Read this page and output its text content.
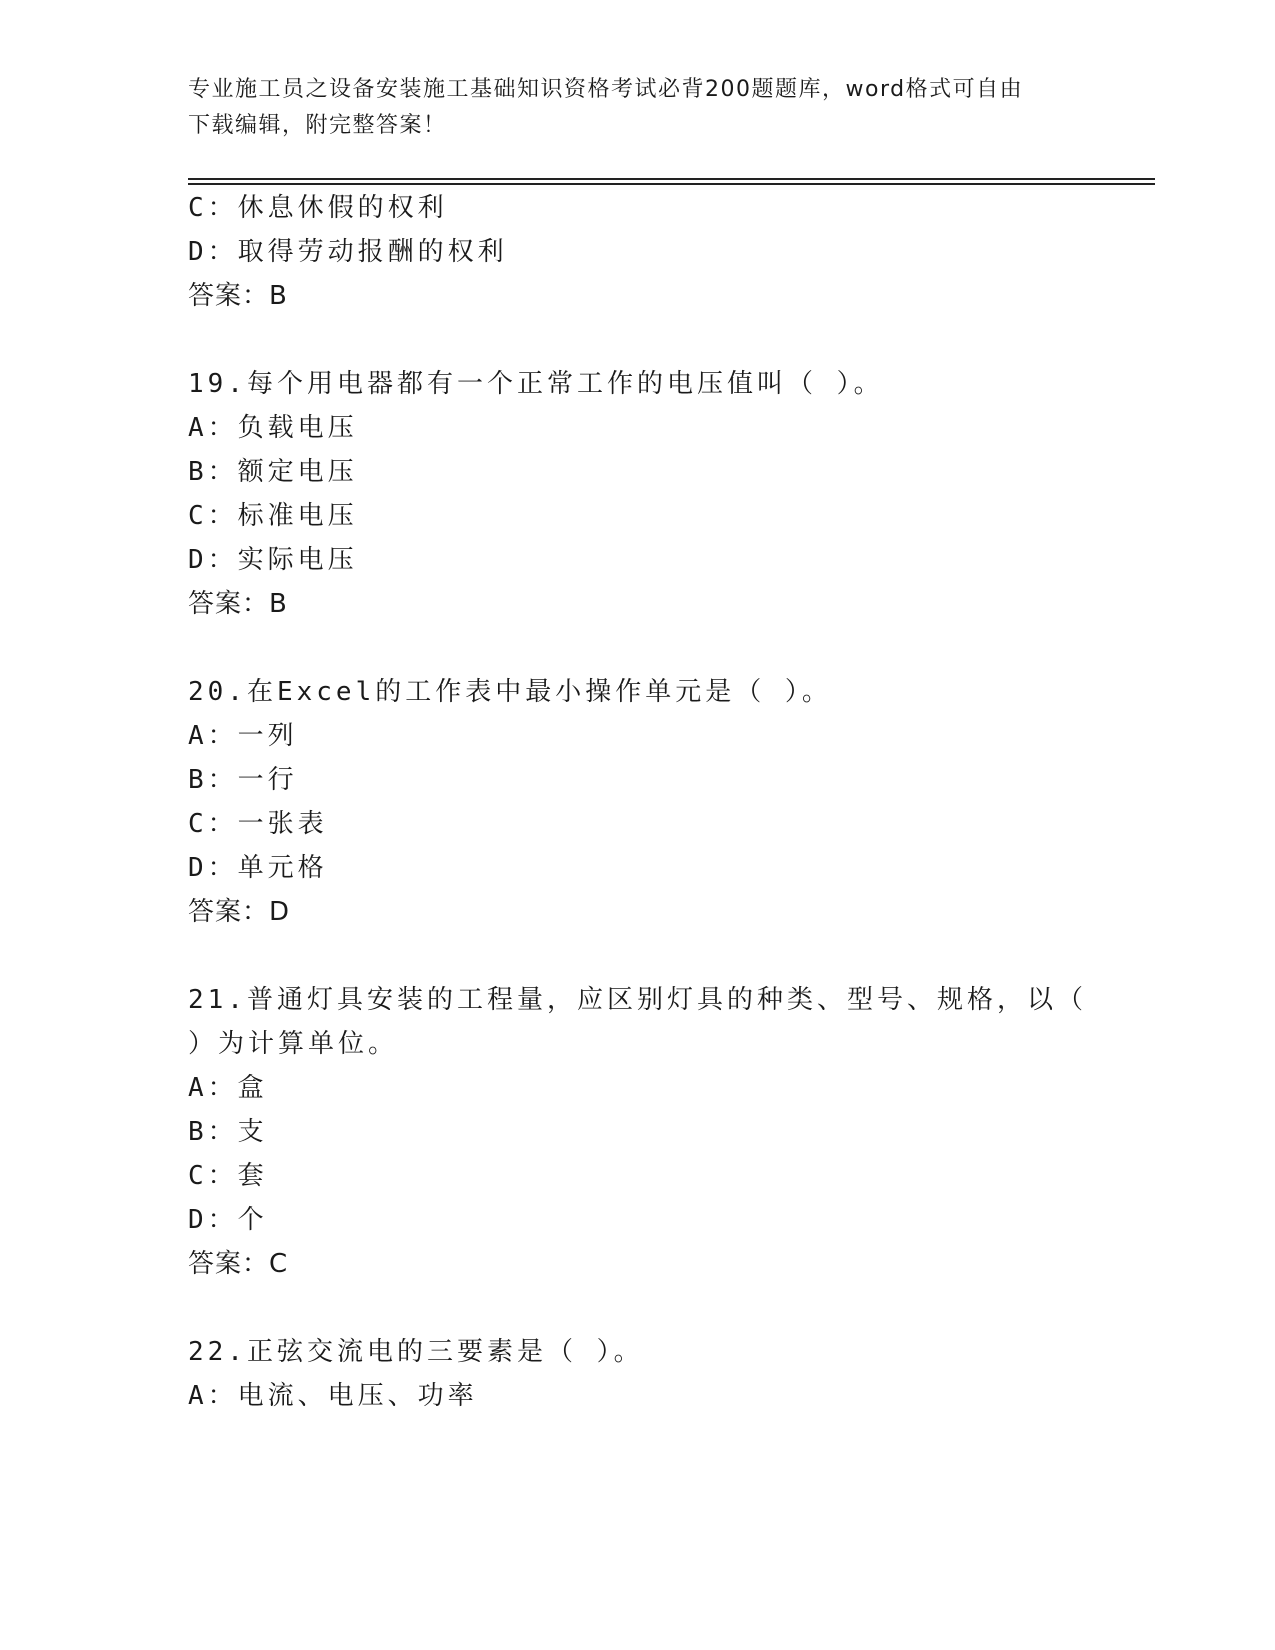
专业施工员之设备安装施工基础知识资格考试必背200题题库，word格式可自由
下载编辑，附完整答案！
C：休息休假的权利
D：取得劳动报酬的权利
答案：B
19.每个用电器都有一个正常工作的电压值叫（ ）。
A：负载电压
B：额定电压
C：标准电压
D：实际电压
答案：B
20.在Excel的工作表中最小操作单元是（ ）。
A：一列
B：一行
C：一张表
D：单元格
答案：D
21.普通灯具安装的工程量，应区别灯具的种类、型号、规格，以（
）为计算单位。
A：盒
B：支
C：套
D：个
答案：C
22.正弦交流电的三要素是（ ）。
A：电流、电压、功率
